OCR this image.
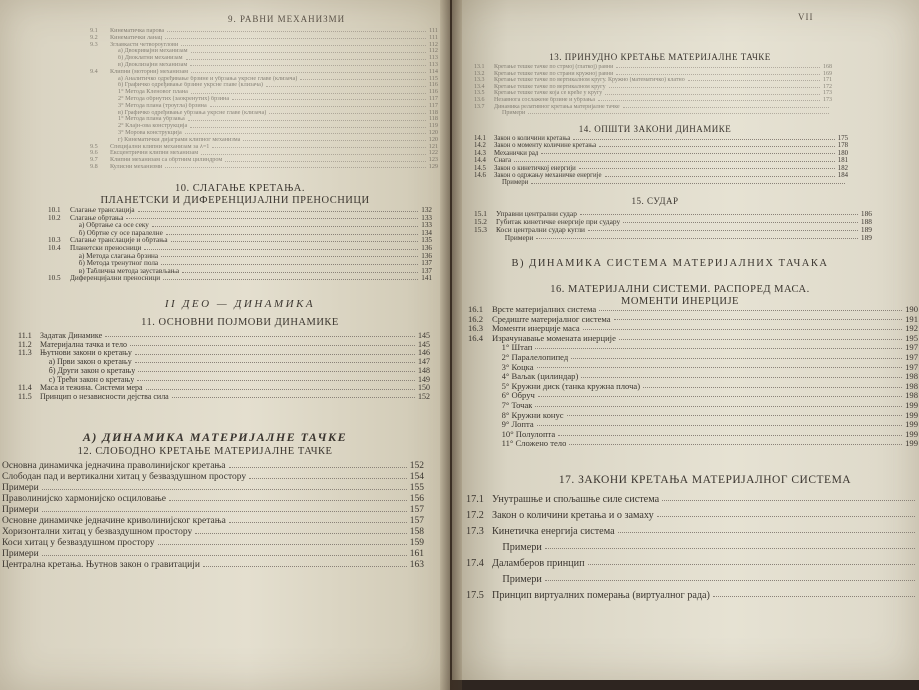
9. РАВНИ МЕХАНИЗМИ
10. СЛАГАЊЕ КРЕТАЊА.
ПЛАНЕТСКИ И ДИФЕРЕНЦИЈАЛНИ ПРЕНОСНИЦИ
II ДЕО — ДИНАМИКА
11. ОСНОВНИ ПОЈМОВИ ДИНАМИКЕ
А) ДИНАМИКА МАТЕРИЈАЛНЕ ТАЧКЕ
12. СЛОБОДНО КРЕТАЊЕ МАТЕРИЈАЛНЕ ТАЧКЕ
VII
13. ПРИНУДНО КРЕТАЊЕ МАТЕРИЈАЛНЕ ТАЧКЕ
14. ОПШТИ ЗАКОНИ ДИНАМИКЕ
15. СУДАР
В) ДИНАМИКА СИСТЕМА МАТЕРИЈАЛНИХ ТАЧАКА
16. МАТЕРИЈАЛНИ СИСТЕМИ. РАСПОРЕД МАСА.
МОМЕНТИ ИНЕРЦИЈЕ
17. ЗАКОНИ КРЕТАЊА МАТЕРИЈАЛНОГ СИСТЕМА
9.1	Кинематичка парова	111
9.2	Кинематички ланац	111
9.3	Зглавкасти четвороуглови	112
а) Двокривајни механизам	112
б) Двоклатни механизам	113
в) Двоклизајни механизам	113
9.4	Клипни (моторни) механизам	114
а) Аналитичко одређивање брзине и убрзања укрсне главе (клизача)	115
б) Графичко одређивање брзине укрсне главе (клизача)	116
1° Метода Кленовог плана	116
2° Метода обрнутих (заокренутих) брзина	117
3° Метода плана (троугла) брзина	117
в) Графичко одређивање убрзања укрсне главе (клизача)	118
1° Метода плана убрзања	118
2° Клајн-ова конструкција	119
3° Морова конструкција	120
г) Кинематички дијаграми клипног механизма	120
9.5	Специјални клипни механизам за λ=1	121
9.6	Ексцентрични клипни механизам	122
9.7	Клипни механизам са обртним цилиндром	123
9.8	Кулисни механизми	129
10.1	Слагање транслација	132
10.2	Слагање обртања	133
а) Обртање са осе секу	133
б) Обртне су осе паралелне	134
10.3	Слагање транслације и обртања	135
10.4	Планетски преносници	136
а) Метода слагања брзина	136
б) Метода тренутног пола	137
в) Таблична метода заустављања	137
10.5	Диференцијални преносници	141
11.1	Задатак Динамике	145
11.2	Материјална тачка и тело	145
11.3	Њутнови закони о кретању	146
а) Први закон о кретању	147
б) Други закон о кретању	148
с) Трећи закон о кретању	149
11.4	Маса и тежина. Системи мера	150
11.5	Принцип о независности дејства сила	152
Основна динамичка једначина праволинијског кретања	152
Слободан пад и вертикални хитац у безваздушном простору	154
Примери	155
Праволинијско хармонијско осциловање	156
Примери	157
Основне динамичке једначине криволинијског кретања	157
Хоризонтални хитац у безваздушном простору	158
Коси хитац у безваздушном простору	159
Примери	161
Централна кретања. Њутнов закон о гравитацији	163
13.1	Кретање тешке тачке по стрмој (глаткој) равни	168
13.2	Кретање тешке тачке по страни кружној равни	169
13.3	Кретање тешке тачке по вертикалном кругу. Кружно (математичко) клатно	171
13.4	Кретање тешке тачке по вертикалном кругу	172
13.5	Кретање тешке тачке која се креће у кругу	173
13.6	Незавнога сослажене брзине и убрзања	173
13.7	Динамика релативног кретања материјалне тачке
Примери
14.1	Закон о количини кретања	175
14.2	Закон о моменту количине кретања	178
14.3	Механички рад	180
14.4	Снага	181
14.5	Закон о кинетичкој енергији	182
14.6	Закон о одржању механичке енергије	184
Примери
15.1	Управни централни судар	186
15.2	Губитак кинетичке енергије при судару	188
15.3	Коси централни судар кугли	189
Примери	189
16.1	Врсте материјалних система	190
16.2	Средиште материјалног система	191
16.3	Моменти инерције маса	192
16.4	Израчунавање момената инерције	195
1° Штап	197
2° Паралелопипед	197
3° Коцка	197
4° Ваљак (цилиндар)	198
5° Кружни диск (танка кружна плоча)	198
6° Обруч	198
7° Точак	199
8° Кружни конус	199
9° Лопта	199
10° Полулопта	199
11° Сложено тело	199
17.1 Унутрашње и спољашње силе система
17.2 Закон о количини кретања и о замаху
17.3 Кинетичка енергија система
Примери
17.4 Даламберов принцип
Примери
17.5 Принцип виртуалних померања (виртуалног рада)
